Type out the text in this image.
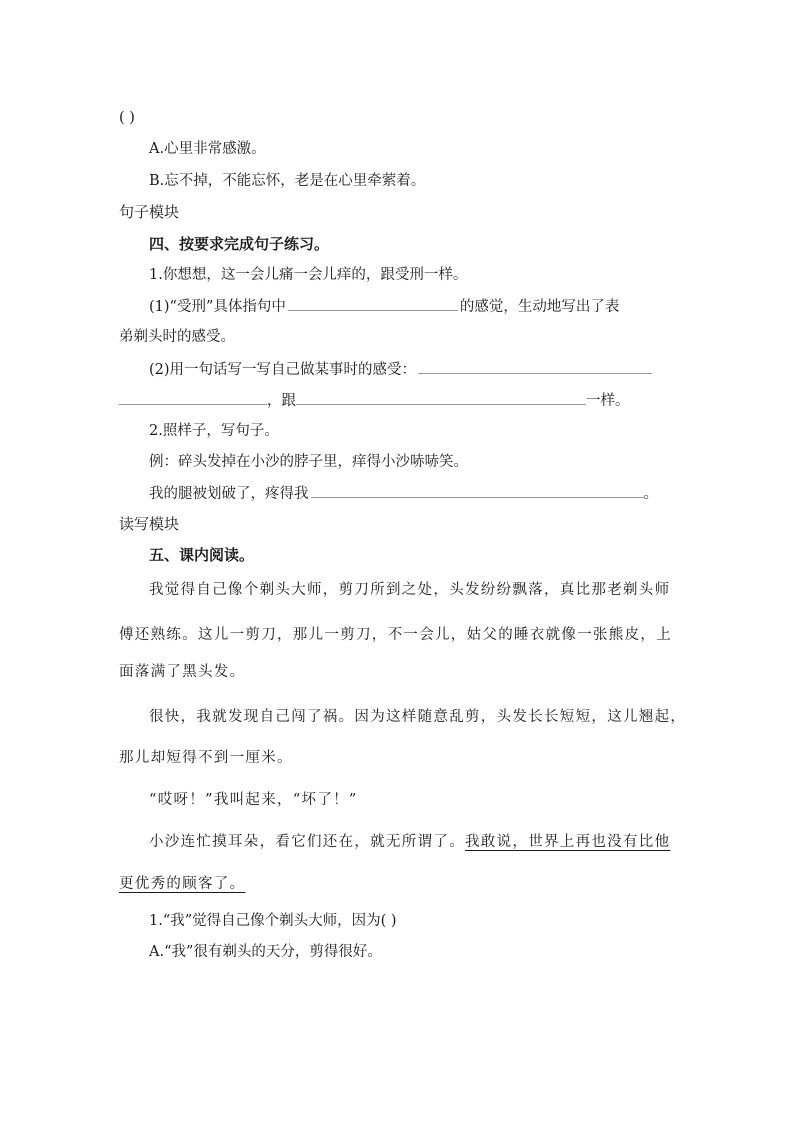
( )
A.心里非常感激。
B.忘不掉，不能忘怀，老是在心里牵萦着。
句子模块
四、按要求完成句子练习。
1.你想想，这一会儿痛一会儿痒的，跟受刑一样。
(1)“受刑”具体指句中	的感觉，生动地写出了表
弟剃头时的感受。
(2)用一句话写一写自己做某事时的感受：
，跟	一样。
2.照样子，写句子。
例：碎头发掉在小沙的脖子里，痒得小沙哧哧笑。
我的腿被划破了，疼得我	。
读写模块
五、课内阅读。
我觉得自己像个剃头大师，剪刀所到之处，头发纷纷飘落，真比那老剃头师
傅还熟练。这儿一剪刀，那儿一剪刀，不一会儿，姑父的睡衣就像一张熊皮，上
面落满了黑头发。
很快，我就发现自己闯了祸。因为这样随意乱剪，头发长长短短，这儿翘起，
那儿却短得不到一厘米。
“哎呀！”我叫起来，“坏了！”
小沙连忙摸耳朵，看它们还在，就无所谓了。我敢说，世界上再也没有比他
更优秀的顾客了。
1.“我”觉得自己像个剃头大师，因为( )
A.“我”很有剃头的天分，剪得很好。
